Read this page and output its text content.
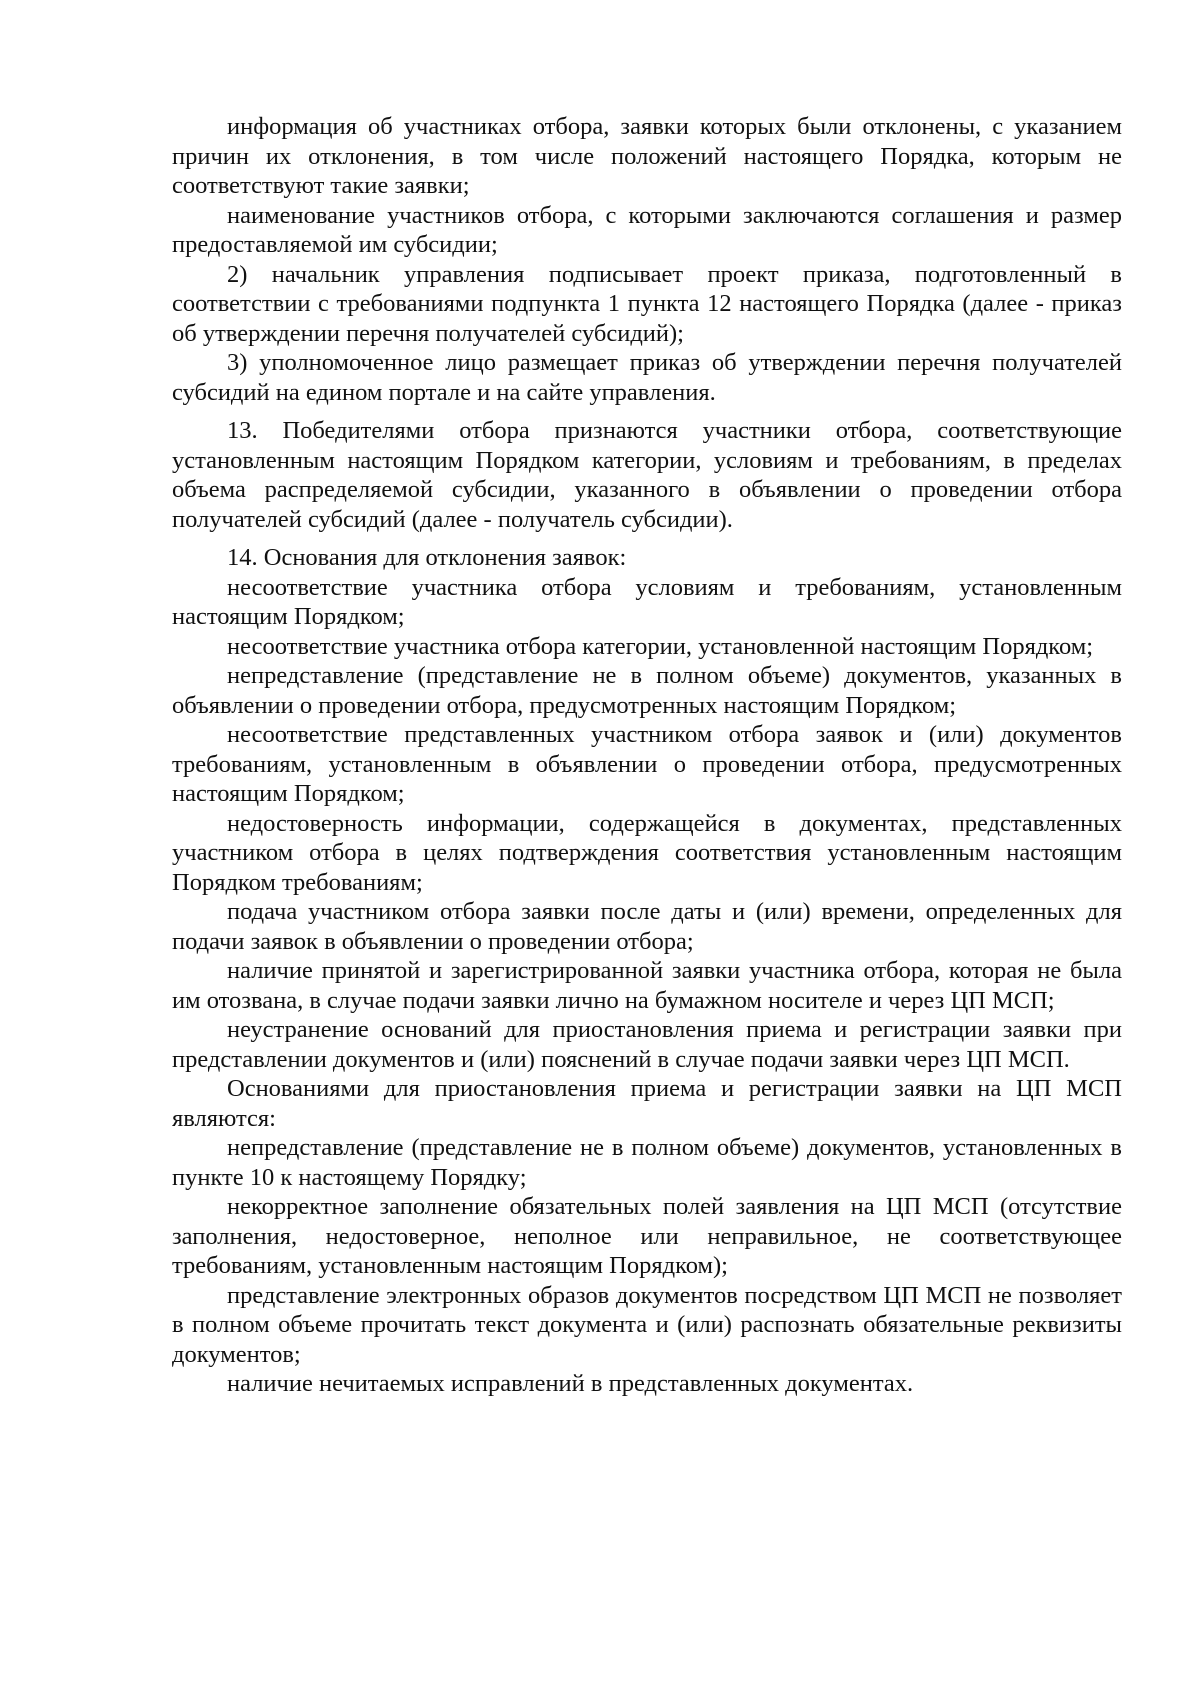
информация об участниках отбора, заявки которых были отклонены, с указанием причин их отклонения, в том числе положений настоящего Порядка, которым не соответствуют такие заявки;

наименование участников отбора, с которыми заключаются соглашения и размер предоставляемой им субсидии;

2) начальник управления подписывает проект приказа, подготовленный в соответствии с требованиями подпункта 1 пункта 12 настоящего Порядка (далее - приказ об утверждении перечня получателей субсидий);

3) уполномоченное лицо размещает приказ об утверждении перечня получателей субсидий на едином портале и на сайте управления.

13. Победителями отбора признаются участники отбора, соответствующие установленным настоящим Порядком категории, условиям и требованиям, в пределах объема распределяемой субсидии, указанного в объявлении о проведении отбора получателей субсидий (далее - получатель субсидии).

14. Основания для отклонения заявок:

несоответствие участника отбора условиям и требованиям, установленным настоящим Порядком;

несоответствие участника отбора категории, установленной настоящим Порядком;

непредставление (представление не в полном объеме) документов, указанных в объявлении о проведении отбора, предусмотренных настоящим Порядком;

несоответствие представленных участником отбора заявок и (или) документов требованиям, установленным в объявлении о проведении отбора, предусмотренных настоящим Порядком;

недостоверность информации, содержащейся в документах, представленных участником отбора в целях подтверждения соответствия установленным настоящим Порядком требованиям;

подача участником отбора заявки после даты и (или) времени, определенных для подачи заявок в объявлении о проведении отбора;

наличие принятой и зарегистрированной заявки участника отбора, которая не была им отозвана, в случае подачи заявки лично на бумажном носителе и через ЦП МСП;

неустранение оснований для приостановления приема и регистрации заявки при представлении документов и (или) пояснений в случае подачи заявки через ЦП МСП.

Основаниями для приостановления приема и регистрации заявки на ЦП МСП являются:

непредставление (представление не в полном объеме) документов, установленных в пункте 10 к настоящему Порядку;

некорректное заполнение обязательных полей заявления на ЦП МСП (отсутствие заполнения, недостоверное, неполное или неправильное, не соответствующее требованиям, установленным настоящим Порядком);

представление электронных образов документов посредством ЦП МСП не позволяет в полном объеме прочитать текст документа и (или) распознать обязательные реквизиты документов;

наличие нечитаемых исправлений в представленных документах.
